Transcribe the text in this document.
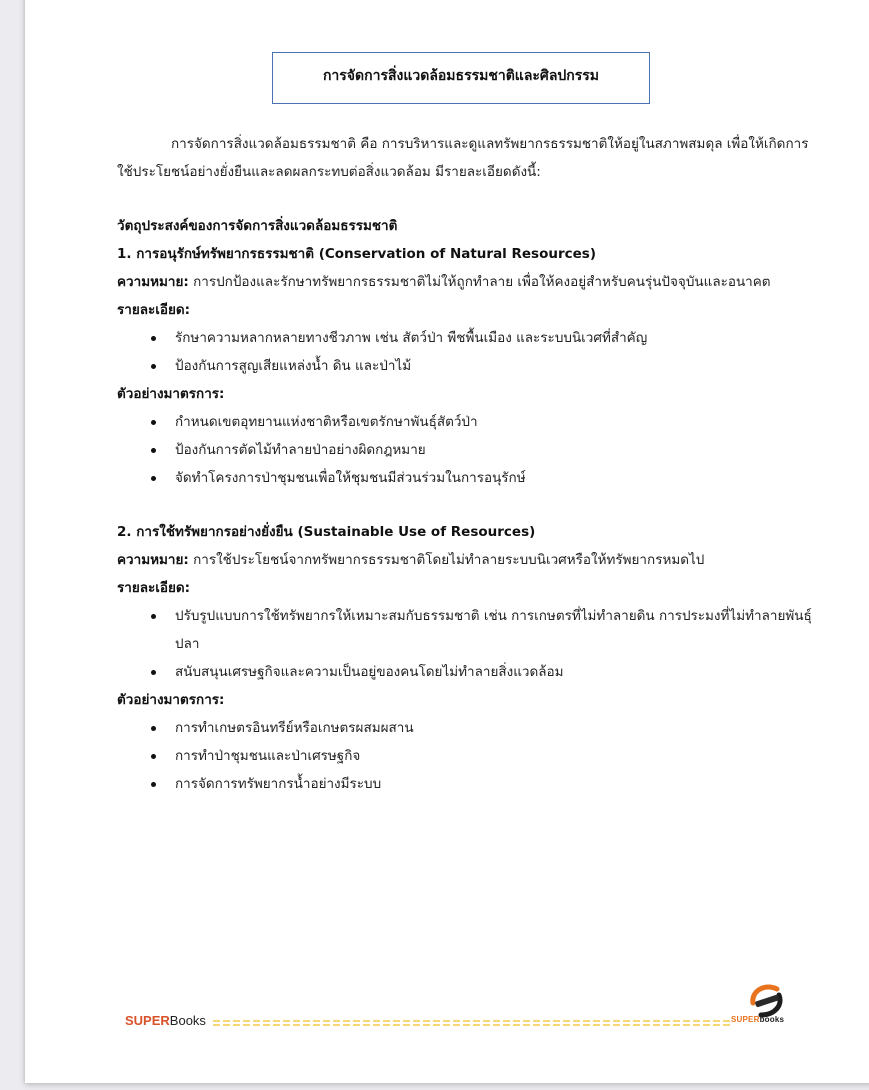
การจัดการสิ่งแวดล้อมธรรมชาติและศิลปกรรม

การจัดการสิ่งแวดล้อมธรรมชาติ คือ การบริหารและดูแลทรัพยากรธรรมชาติให้อยู่ในสภาพสมดุล เพื่อให้เกิดการใช้ประโยชน์อย่างยั่งยืนและลดผลกระทบต่อสิ่งแวดล้อม มีรายละเอียดดังนี้:

วัตถุประสงค์ของการจัดการสิ่งแวดล้อมธรรมชาติ
1. การอนุรักษ์ทรัพยากรธรรมชาติ (Conservation of Natural Resources)

ความหมาย: การปกป้องและรักษาทรัพยากรธรรมชาติไม่ให้ถูกทำลาย เพื่อให้คงอยู่สำหรับคนรุ่นปัจจุบันและอนาคต

รายละเอียด:
รักษาความหลากหลายทางชีวภาพ เช่น สัตว์ป่า พืชพื้นเมือง และระบบนิเวศที่สำคัญ
ป้องกันการสูญเสียแหล่งน้ำ ดิน และป่าไม้
ตัวอย่างมาตรการ:
กำหนดเขตอุทยานแห่งชาติหรือเขตรักษาพันธุ์สัตว์ป่า
ป้องกันการตัดไม้ทำลายป่าอย่างผิดกฎหมาย
จัดทำโครงการป่าชุมชนเพื่อให้ชุมชนมีส่วนร่วมในการอนุรักษ์
2. การใช้ทรัพยากรอย่างยั่งยืน (Sustainable Use of Resources)

ความหมาย: การใช้ประโยชน์จากทรัพยากรธรรมชาติโดยไม่ทำลายระบบนิเวศหรือให้ทรัพยากรหมดไป

รายละเอียด:
ปรับรูปแบบการใช้ทรัพยากรให้เหมาะสมกับธรรมชาติ เช่น การเกษตรที่ไม่ทำลายดิน การประมงที่ไม่ทำลายพันธุ์ปลา
สนับสนุนเศรษฐกิจและความเป็นอยู่ของคนโดยไม่ทำลายสิ่งแวดล้อม
ตัวอย่างมาตรการ:
การทำเกษตรอินทรีย์หรือเกษตรผสมผสาน
การทำป่าชุมชนและป่าเศรษฐกิจ
การจัดการทรัพยากรน้ำอย่างมีระบบ
SUPERBooks	SUPERbooks
